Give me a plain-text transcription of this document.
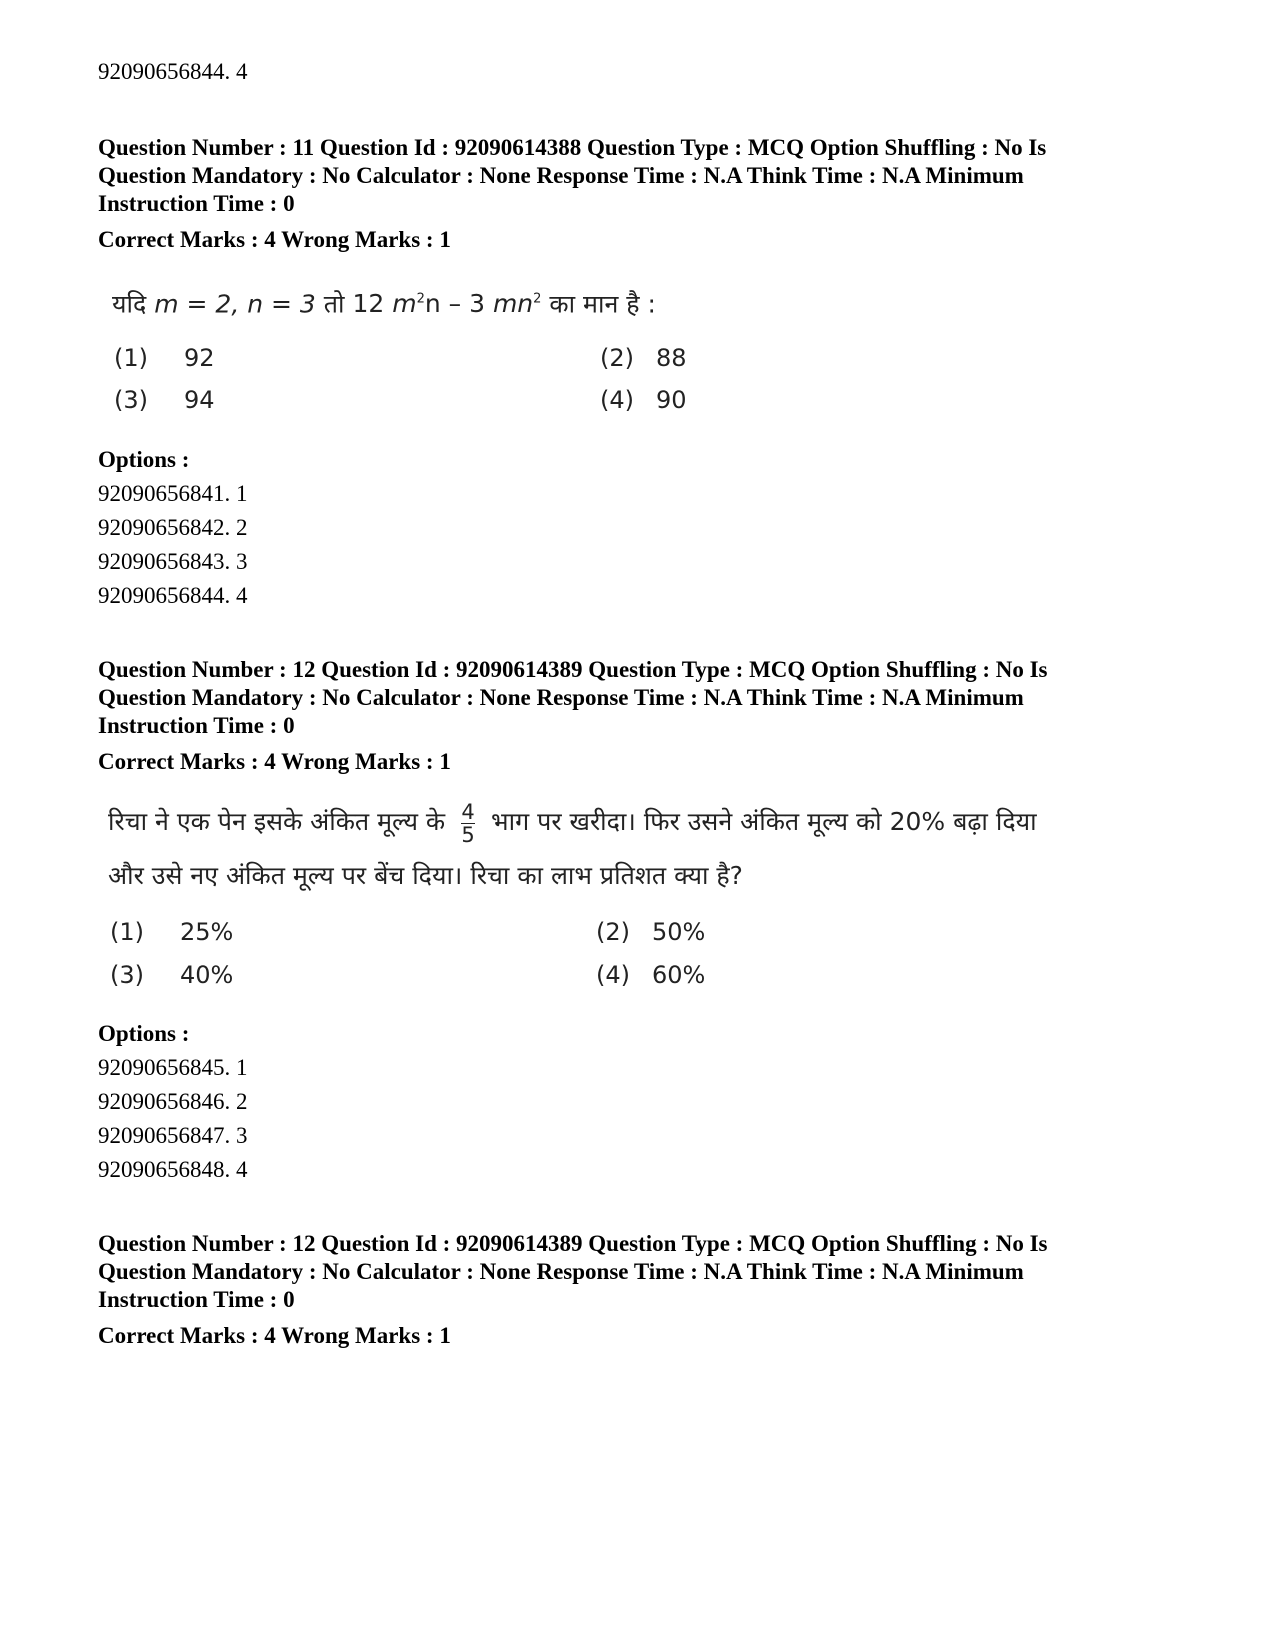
92090656844. 4
Question Number : 11 Question Id : 92090614388 Question Type : MCQ Option Shuffling : No Is
Question Mandatory : No Calculator : None Response Time : N.A Think Time : N.A Minimum
Instruction Time : 0
Correct Marks : 4 Wrong Marks : 1
यदि m = 2, n = 3 तो 12 $m^2n - 3$ $mn^2$ का मान है :
(1) 92	(2) 88
(3) 94	(4) 90
Options :
92090656841. 1
92090656842. 2
92090656843. 3
92090656844. 4
Question Number : 12 Question Id : 92090614389 Question Type : MCQ Option Shuffling : No Is
Question Mandatory : No Calculator : None Response Time : N.A Think Time : N.A Minimum
Instruction Time : 0
Correct Marks : 4 Wrong Marks : 1
रिचा ने एक पेन इसके अंकित मूल्य के $\frac{4}{5}$ भाग पर खरीदा। फिर उसने अंकित मूल्य को 20% बढ़ा दिया
और उसे नए अंकित मूल्य पर बेंच दिया। रिचा का लाभ प्रतिशत क्या है?
(1) 25%	(2) 50%
(3) 40%	(4) 60%
Options :
92090656845. 1
92090656846. 2
92090656847. 3
92090656848. 4
Question Number : 12 Question Id : 92090614389 Question Type : MCQ Option Shuffling : No Is
Question Mandatory : No Calculator : None Response Time : N.A Think Time : N.A Minimum
Instruction Time : 0
Correct Marks : 4 Wrong Marks : 1
